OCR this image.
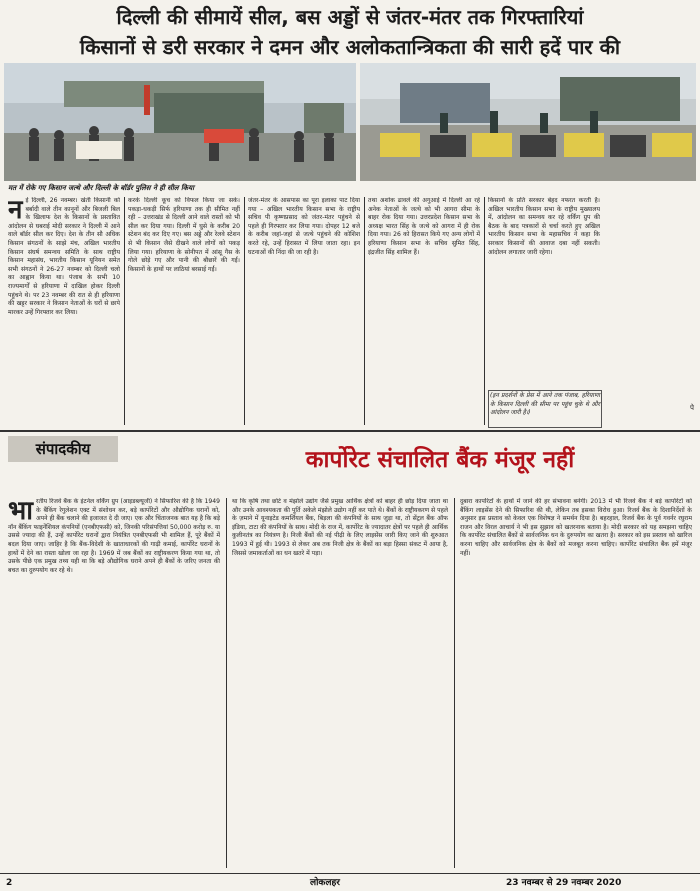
दिल्ली की सीमायें सील, बस अड्डों से जंतर-मंतर तक गिरफ्तारियां
किसानों से डरी सरकार ने दमन और अलोकतान्त्रिकता की सारी हदें पार की
मत में रोके गए किसान जत्थे और दिल्ली के बॉर्डर पुलिस ने ही सील किया
न ई दिल्ली, 26 नवम्बर। खेती किसानी को बर्बादी वाले तीन कानूनों और बिजली बिल के खिलाफ देश के किसानों के प्रस्तावित आंदोलन से घबराई मोदी सरकार ने दिल्ली में आने वाले बॉर्डर सील कर दिए। देश के तीन सौ अधिक किसान संगठनों के साझे मंच, अखिल भारतीय किसान संघर्ष समन्वय समिति के साथ राष्ट्रीय किसान महासंघ, भारतीय किसान यूनियन समेत सभी संगठनों ने 26-27 नवम्बर को दिल्ली चलो का आह्वान किया था। पंजाब के सभी 10 राज्यमार्गों से हरियाणा में दाखिल होकर दिल्ली पहुंचने थे। पर 23 नवम्बर की रात से ही हरियाणा की खट्टर सरकार ने किसान नेताओं के घरों से छापे मारकर उन्हें गिरफ्तार कर लिया।
करके दिल्ली कूच को विफल किया जा सके। पकड़ा-धकड़ी सिर्फ हरियाणा तक ही सीमित नहीं रही – उत्तराखंड से दिल्ली आने वाले रास्तों को भी सील कर दिया गया। दिल्ली में घुसे के करीब 20 स्टेशन बंद कर दिए गए। बस अड्डे और रेलवे स्टेशन से भी किसान जैसे दीखने वाले लोगों को पकड़ लिया गया। हरियाणा के सोनीपत में आंसू गैस के गोले छोड़े गए और पानी की बौछारें की गईं। किसानों के हाथों पर लाठियां बरसाई गईं।
जंतर-मंतर के आसपास का पूरा इलाका पाट दिया गया – अखिल भारतीय किसान सभा के राष्ट्रीय सचिव पी कृष्णप्रसाद को जंतर-मंतर पहुंचने से पहले ही गिरफ्तार कर लिया गया। दोपहर 12 बजे के करीब जहां-जहां से जत्थे पहुंचने की कोशिश करते रहे, उन्हें हिरासत में लिया जाता रहा। इन घटनाओं की निंदा की जा रही है।
तथा अशोक ढावले की अगुआई में दिल्ली आ रहे अनेक नेताओं के जत्थे को भी आगरा सीमा के बाहर रोक दिया गया। उत्तरप्रदेश किसान सभा के अध्यक्ष भारत सिंह के जत्थे को आगरा में ही रोक दिया गया। 26 को हिरासत किये गए अन्य लोगों में हरियाणा किसान सभा के सचिव सुमित सिंह, इंद्रजीत सिंह शामिल हैं।
किसानों के प्रति सरकार बेहद नफरत करती है। अखिल भारतीय किसान सभा के राष्ट्रीय मुख्यालय में, आंदोलन का समन्वय कर रहे वर्किंग ग्रुप की बैठक के बाद पत्रकारों से चर्चा करते हुए अखिल भारतीय किसान सभा के महासचिव ने कहा कि सरकार किसानों की आवाज दबा नहीं सकती। आंदोलन लगातार जारी रहेगा।
(इन प्रदर्शनों के प्रेस में आने तक पंजाब, हरियाणा के किसान दिल्ली की सीमा पर पहुंच चुके थे और आंदोलन जारी है।)
पे
संपादकीय	कार्पोरेट संचालित बैंक मंजूर नहीं
भा रतीय रिजर्व बैंक के इंटर्नल वर्किंग ग्रुप (आइडब्ल्यूजी) ने सिफारिश की है कि 1949 के बैंकिंग रेगुलेशन एक्ट में संशोधन कर, बड़े कार्पोरेटों और औद्योगिक घरानों को, अपने ही बैंक चलाने की इजाजत दे दी जाए। एक और चिंताजनक बात यह है कि बड़े नॉन बैंकिंग फाइनेंशियल कंपनियों (एनबीएफसी) को, जिनकी परिसंपत्तियां 50,000 करोड़ रु. या उससे ज्यादा की हैं, उन्हें कार्पोरेट घरानों द्वारा नियंत्रित एनबीएफसी भी शामिल हैं, पूरे बैंकों में बदल दिया जाए। जाहिर है कि बैंक-विदेशी के खाताधारकों की गाढ़ी कमाई, कार्पोरेट घरानों के हाथों में देने का रास्ता खोला जा रहा है। 1969 में जब बैंकों का राष्ट्रीयकरण किया गया था, तो उसके पीछे एक प्रमुख तथ्य यही था कि बड़े औद्योगिक घराने अपने ही बैंकों के जरिए जनता की बचत का दुरुपयोग कर रहे थे।
था कि कृषि तथा छोटे व मंझोले उद्योग जैसे प्रमुख आर्थिक क्षेत्रों को बाहर ही छोड़ दिया जाता था और उनके आवश्यकता की पूर्ति अकेले मंझोले उद्योग नहीं कर पाते थे। बैंकों के राष्ट्रीयकरण से पहले के ज़माने में यूनाइटेड कमर्शियल बैंक, बिड़ला की कंपनियों के साथ जुड़ा था, तो सेंट्रल बैंक ऑफ इंडिया, टाटा की कंपनियों के साथ। मोदी के राज में, कार्पोरेट के ज्यादातर क्षेत्रों पर पहले ही आर्थिक कुलीनतंत्र का नियंत्रण है। निजी बैंकों की नई पीढ़ी के लिए लाइसेंस जारी किए जाने की शुरुआत 1993 में हुई थी। 1993 से लेकर अब तक निजी क्षेत्र के बैंकों का बड़ा हिस्सा संकट में आया है, जिससे जमाकर्ताओं का धन खतरे में पड़ा।
दुबारा कार्पोरेटों के हाथों में जाने की हर संभावना बनेगी। 2013 में भी रिजर्व बैंक ने बड़े कार्पोरेटों को बैंकिंग लाइसेंस देने की सिफारिश की थी, लेकिन तब इसका विरोध हुआ। रिजर्व बैंक के दिशानिर्देशों के अनुसार इस प्रस्ताव को केवल एक विशेषज्ञ ने समर्थन दिया है। बहरहाल, रिजर्व बैंक के पूर्व गवर्नर रघुराम राजन और विरल आचार्य ने भी इस सुझाव को खतरनाक बताया है। मोदी सरकार को यह समझना चाहिए कि कार्पोरेट संचालित बैंकों से सार्वजनिक धन के दुरुपयोग का खतरा है। सरकार को इस प्रस्ताव को खारिज करना चाहिए और सार्वजनिक क्षेत्र के बैंकों को मजबूत करना चाहिए। कार्पोरेट संचालित बैंक हमें मंजूर नहीं।
2	लोकलहर	23 नवम्बर से 29 नवम्बर 2020
